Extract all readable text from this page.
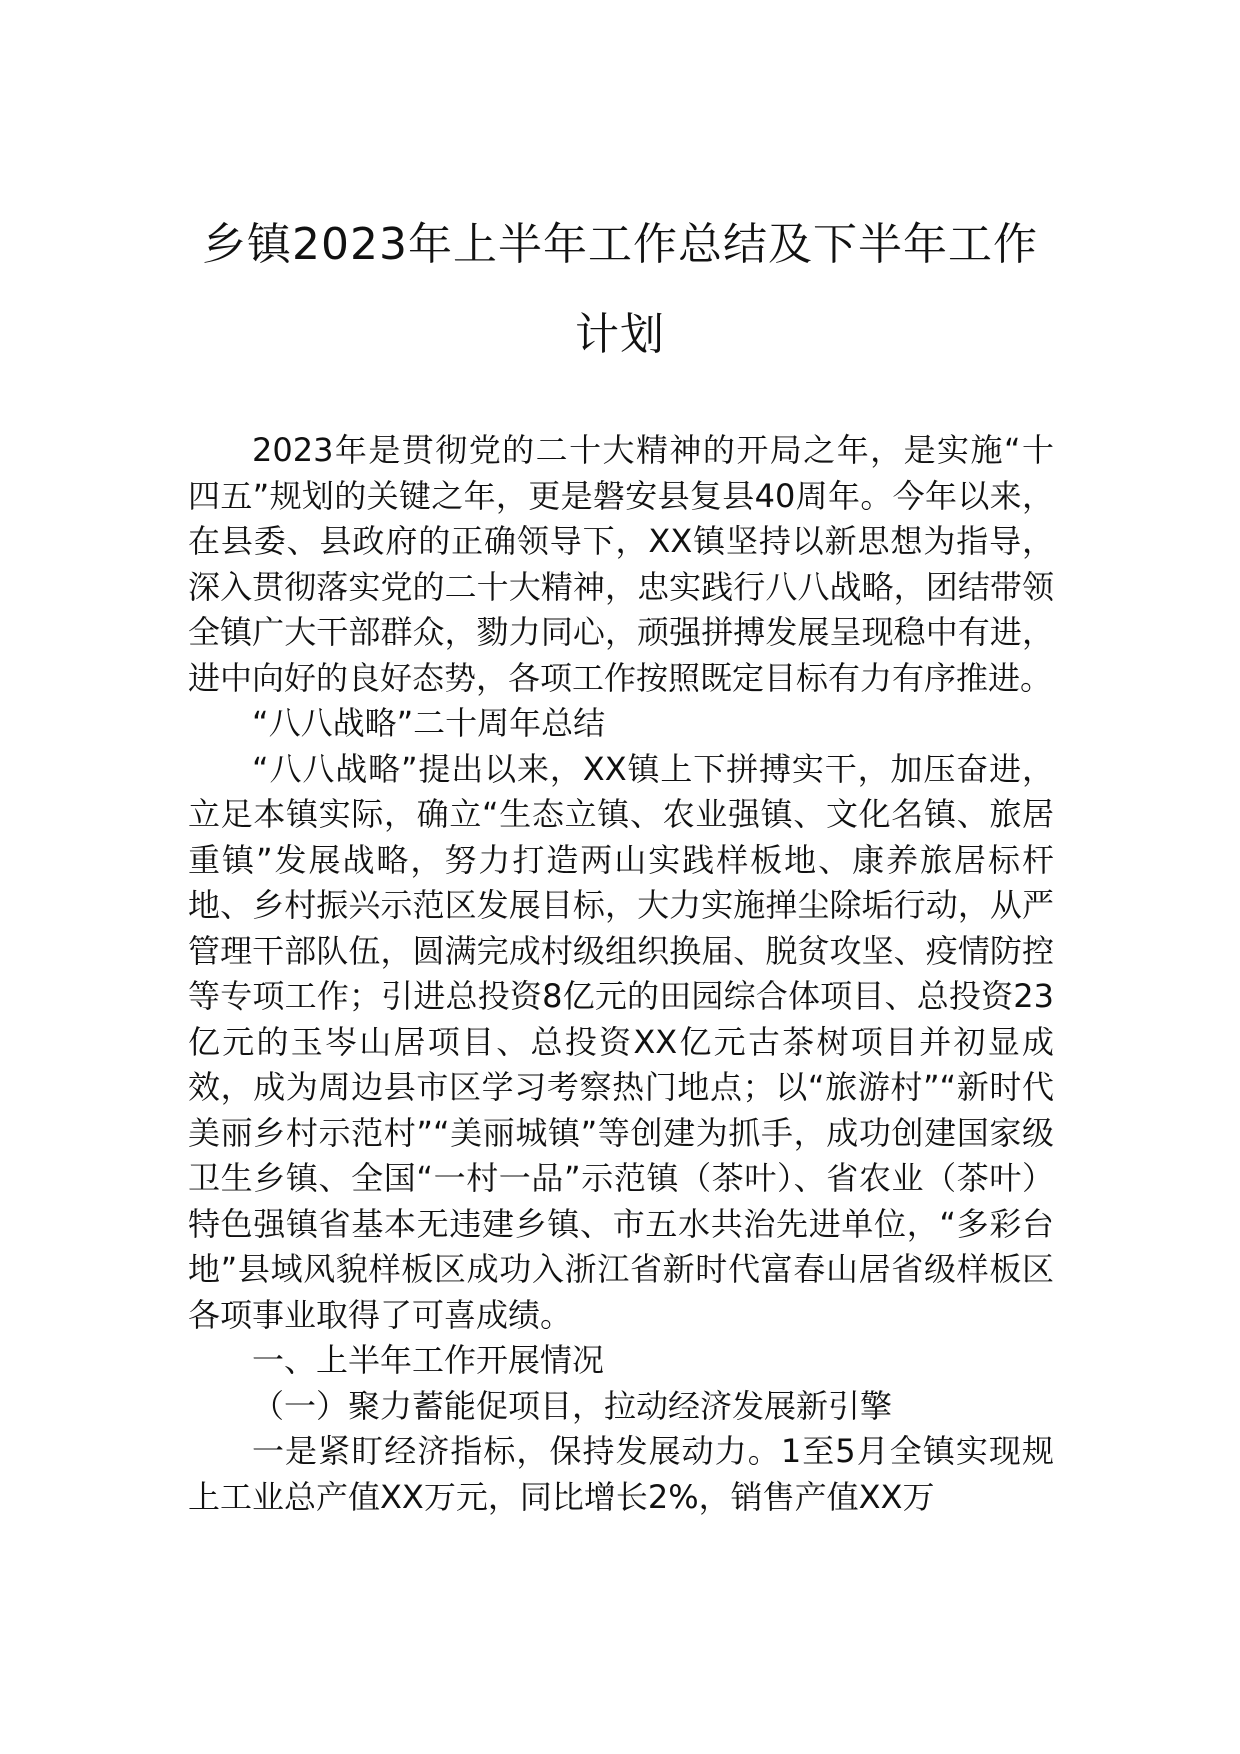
乡镇2023年上半年工作总结及下半年工作
计划

2023年是贯彻党的二十大精神的开局之年，是实施“十四五”规划的关键之年，更是磐安县复县40周年。今年以来，在县委、县政府的正确领导下，XX镇坚持以新思想为指导，深入贯彻落实党的二十大精神，忠实践行八八战略，团结带领全镇广大干部群众，勠力同心，顽强拼搏发展呈现稳中有进，进中向好的良好态势，各项工作按照既定目标有力有序推进。

“八八战略”二十周年总结

“八八战略”提出以来，XX镇上下拼搏实干，加压奋进，立足本镇实际，确立“生态立镇、农业强镇、文化名镇、旅居重镇”发展战略，努力打造两山实践样板地、康养旅居标杆地、乡村振兴示范区发展目标，大力实施掸尘除垢行动，从严管理干部队伍，圆满完成村级组织换届、脱贫攻坚、疫情防控等专项工作；引进总投资8亿元的田园综合体项目、总投资23亿元的玉岑山居项目、总投资XX亿元古茶树项目并初显成效，成为周边县市区学习考察热门地点；以“旅游村”“新时代美丽乡村示范村”“美丽城镇”等创建为抓手，成功创建国家级卫生乡镇、全国“一村一品”示范镇（茶叶）、省农业（茶叶）特色强镇省基本无违建乡镇、市五水共治先进单位，“多彩台地”县域风貌样板区成功入浙江省新时代富春山居省级样板区各项事业取得了可喜成绩。

一、上半年工作开展情况

（一）聚力蓄能促项目，拉动经济发展新引擎

一是紧盯经济指标，保持发展动力。1至5月全镇实现规上工业总产值XX万元，同比增长2%，销售产值XX万
